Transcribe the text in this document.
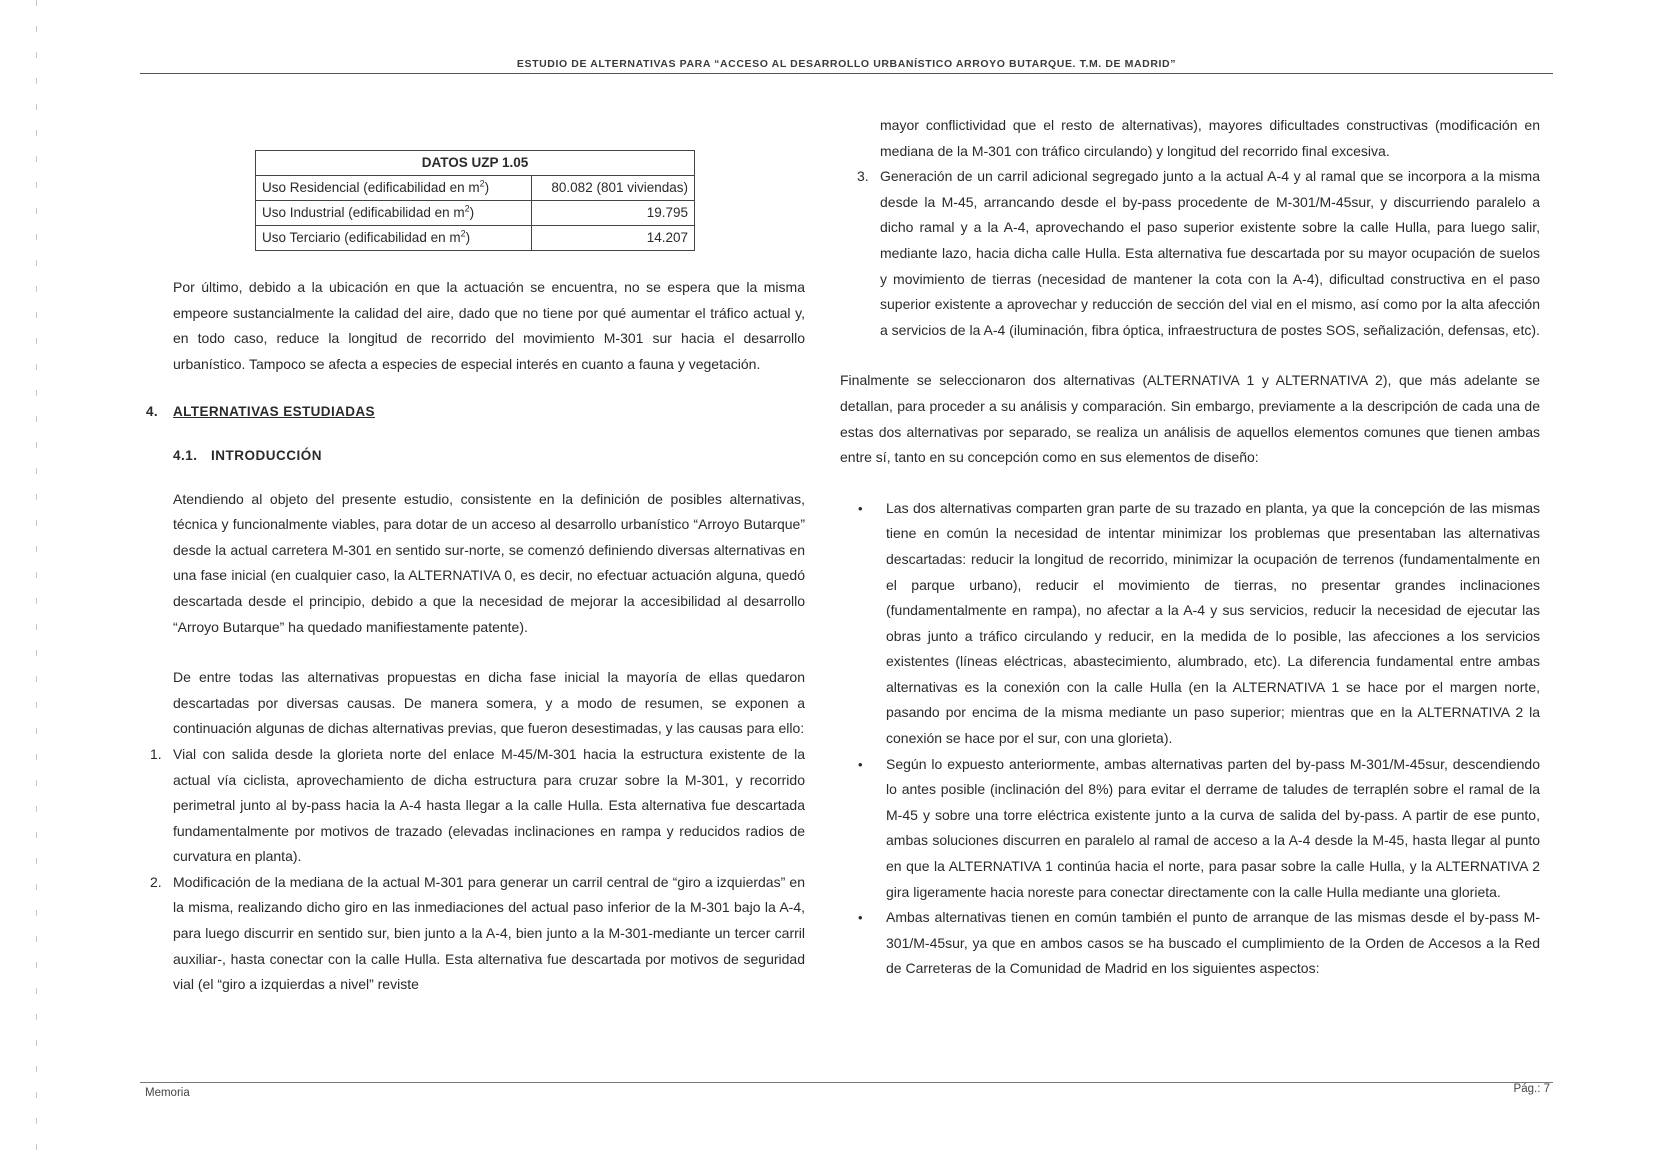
ESTUDIO DE ALTERNATIVAS PARA “ACCESO AL DESARROLLO URBANÍSTICO ARROYO BUTARQUE. T.M. DE MADRID”
DATOS UZP 1.05	
Uso Residencial (edificabilidad en $m^2$)	80.082 (801 viviendas)
Uso Industrial (edificabilidad en $m^2$)	19.795
Uso Terciario (edificabilidad en $m^2$)	14.207

Por último, debido a la ubicación en que la actuación se encuentra, no se espera que la misma empeore sustancialmente la calidad del aire, dado que no tiene por qué aumentar el tráfico actual y, en todo caso, reduce la longitud de recorrido del movimiento M-301 sur hacia el desarrollo urbanístico. Tampoco se afecta a especies de especial interés en cuanto a fauna y vegetación.

4. ALTERNATIVAS ESTUDIADAS
4.1. INTRODUCCIÓN

Atendiendo al objeto del presente estudio, consistente en la definición de posibles alternativas, técnica y funcionalmente viables, para dotar de un acceso al desarrollo urbanístico “Arroyo Butarque” desde la actual carretera M-301 en sentido sur-norte, se comenzó definiendo diversas alternativas en una fase inicial (en cualquier caso, la ALTERNATIVA 0, es decir, no efectuar actuación alguna, quedó descartada desde el principio, debido a que la necesidad de mejorar la accesibilidad al desarrollo “Arroyo Butarque” ha quedado manifiestamente patente).

De entre todas las alternativas propuestas en dicha fase inicial la mayoría de ellas quedaron descartadas por diversas causas. De manera somera, y a modo de resumen, se exponen a continuación algunas de dichas alternativas previas, que fueron desestimadas, y las causas para ello:

1. Vial con salida desde la glorieta norte del enlace M-45/M-301 hacia la estructura existente de la actual vía ciclista, aprovechamiento de dicha estructura para cruzar sobre la M-301, y recorrido perimetral junto al by-pass hacia la A-4 hasta llegar a la calle Hulla. Esta alternativa fue descartada fundamentalmente por motivos de trazado (elevadas inclinaciones en rampa y reducidos radios de curvatura en planta).
2. Modificación de la mediana de la actual M-301 para generar un carril central de “giro a izquierdas” en la misma, realizando dicho giro en las inmediaciones del actual paso inferior de la M-301 bajo la A-4, para luego discurrir en sentido sur, bien junto a la A-4, bien junto a la M-301-mediante un tercer carril auxiliar-, hasta conectar con la calle Hulla. Esta alternativa fue descartada por motivos de seguridad vial (el “giro a izquierdas a nivel” reviste

mayor conflictividad que el resto de alternativas), mayores dificultades constructivas (modificación en mediana de la M-301 con tráfico circulando) y longitud del recorrido final excesiva.

3. Generación de un carril adicional segregado junto a la actual A-4 y al ramal que se incorpora a la misma desde la M-45, arrancando desde el by-pass procedente de M-301/M-45sur, y discurriendo paralelo a dicho ramal y a la A-4, aprovechando el paso superior existente sobre la calle Hulla, para luego salir, mediante lazo, hacia dicha calle Hulla. Esta alternativa fue descartada por su mayor ocupación de suelos y movimiento de tierras (necesidad de mantener la cota con la A-4), dificultad constructiva en el paso superior existente a aprovechar y reducción de sección del vial en el mismo, así como por la alta afección a servicios de la A-4 (iluminación, fibra óptica, infraestructura de postes SOS, señalización, defensas, etc).

Finalmente se seleccionaron dos alternativas (ALTERNATIVA 1 y ALTERNATIVA 2), que más adelante se detallan, para proceder a su análisis y comparación. Sin embargo, previamente a la descripción de cada una de estas dos alternativas por separado, se realiza un análisis de aquellos elementos comunes que tienen ambas entre sí, tanto en su concepción como en sus elementos de diseño:

• Las dos alternativas comparten gran parte de su trazado en planta, ya que la concepción de las mismas tiene en común la necesidad de intentar minimizar los problemas que presentaban las alternativas descartadas: reducir la longitud de recorrido, minimizar la ocupación de terrenos (fundamentalmente en el parque urbano), reducir el movimiento de tierras, no presentar grandes inclinaciones (fundamentalmente en rampa), no afectar a la A-4 y sus servicios, reducir la necesidad de ejecutar las obras junto a tráfico circulando y reducir, en la medida de lo posible, las afecciones a los servicios existentes (líneas eléctricas, abastecimiento, alumbrado, etc). La diferencia fundamental entre ambas alternativas es la conexión con la calle Hulla (en la ALTERNATIVA 1 se hace por el margen norte, pasando por encima de la misma mediante un paso superior; mientras que en la ALTERNATIVA 2 la conexión se hace por el sur, con una glorieta).
• Según lo expuesto anteriormente, ambas alternativas parten del by-pass M-301/M-45sur, descendiendo lo antes posible (inclinación del 8%) para evitar el derrame de taludes de terraplén sobre el ramal de la M-45 y sobre una torre eléctrica existente junto a la curva de salida del by-pass. A partir de ese punto, ambas soluciones discurren en paralelo al ramal de acceso a la A-4 desde la M-45, hasta llegar al punto en que la ALTERNATIVA 1 continúa hacia el norte, para pasar sobre la calle Hulla, y la ALTERNATIVA 2 gira ligeramente hacia noreste para conectar directamente con la calle Hulla mediante una glorieta.
• Ambas alternativas tienen en común también el punto de arranque de las mismas desde el by-pass M-301/M-45sur, ya que en ambos casos se ha buscado el cumplimiento de la Orden de Accesos a la Red de Carreteras de la Comunidad de Madrid en los siguientes aspectos:
Memoria	Pág.: 7
